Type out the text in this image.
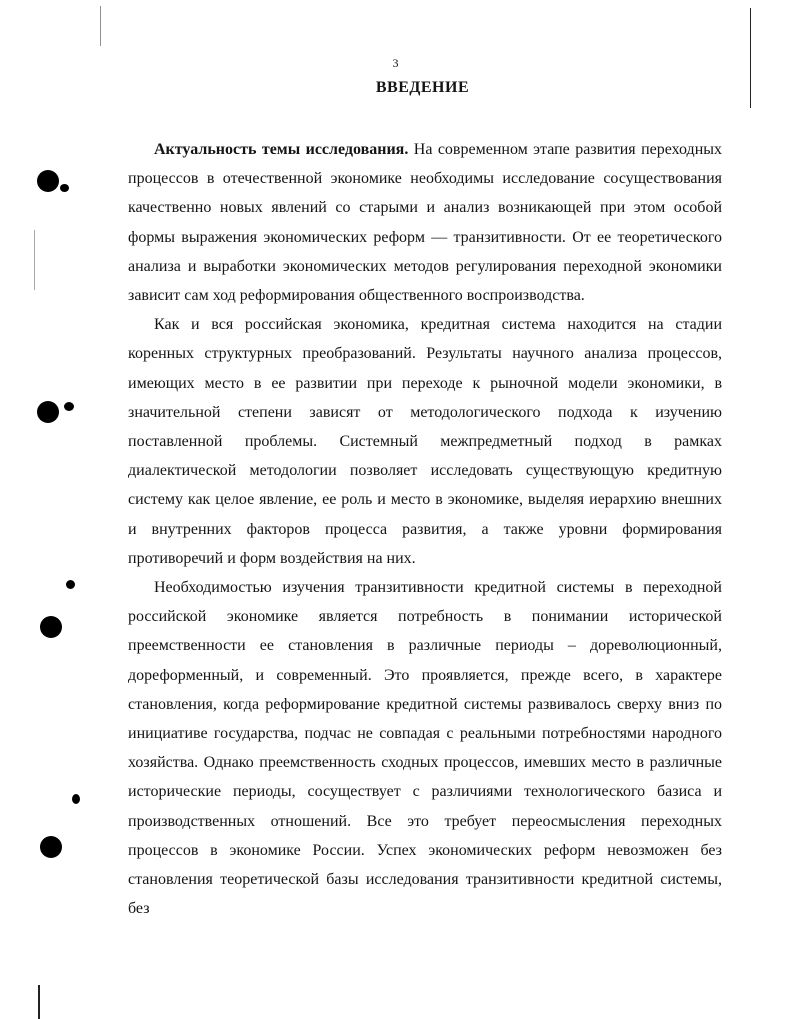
3
ВВЕДЕНИЕ

Актуальность темы исследования. На современном этапе развития переходных процессов в отечественной экономике необходимы исследование сосуществования качественно новых явлений со старыми и анализ возникающей при этом особой формы выражения экономических реформ — транзитивности. От ее теоретического анализа и выработки экономических методов регулирования переходной экономики зависит сам ход реформирования общественного воспроизводства.

Как и вся российская экономика, кредитная система находится на стадии коренных структурных преобразований. Результаты научного анализа процессов, имеющих место в ее развитии при переходе к рыночной модели экономики, в значительной степени зависят от методологического подхода к изучению поставленной проблемы. Системный межпредметный подход в рамках диалектической методологии позволяет исследовать существующую кредитную систему как целое явление, ее роль и место в экономике, выделяя иерархию внешних и внутренних факторов процесса развития, а также уровни формирования противоречий и форм воздействия на них.

Необходимостью изучения транзитивности кредитной системы в переходной российской экономике является потребность в понимании исторической преемственности ее становления в различные периоды – дореволюционный, дореформенный, и современный. Это проявляется, прежде всего, в характере становления, когда реформирование кредитной системы развивалось сверху вниз по инициативе государства, подчас не совпадая с реальными потребностями народного хозяйства. Однако преемственность сходных процессов, имевших место в различные исторические периоды, сосуществует с различиями технологического базиса и производственных отношений. Все это требует переосмысления переходных процессов в экономике России. Успех экономических реформ невозможен без становления теоретической базы исследования транзитивности кредитной системы, без
